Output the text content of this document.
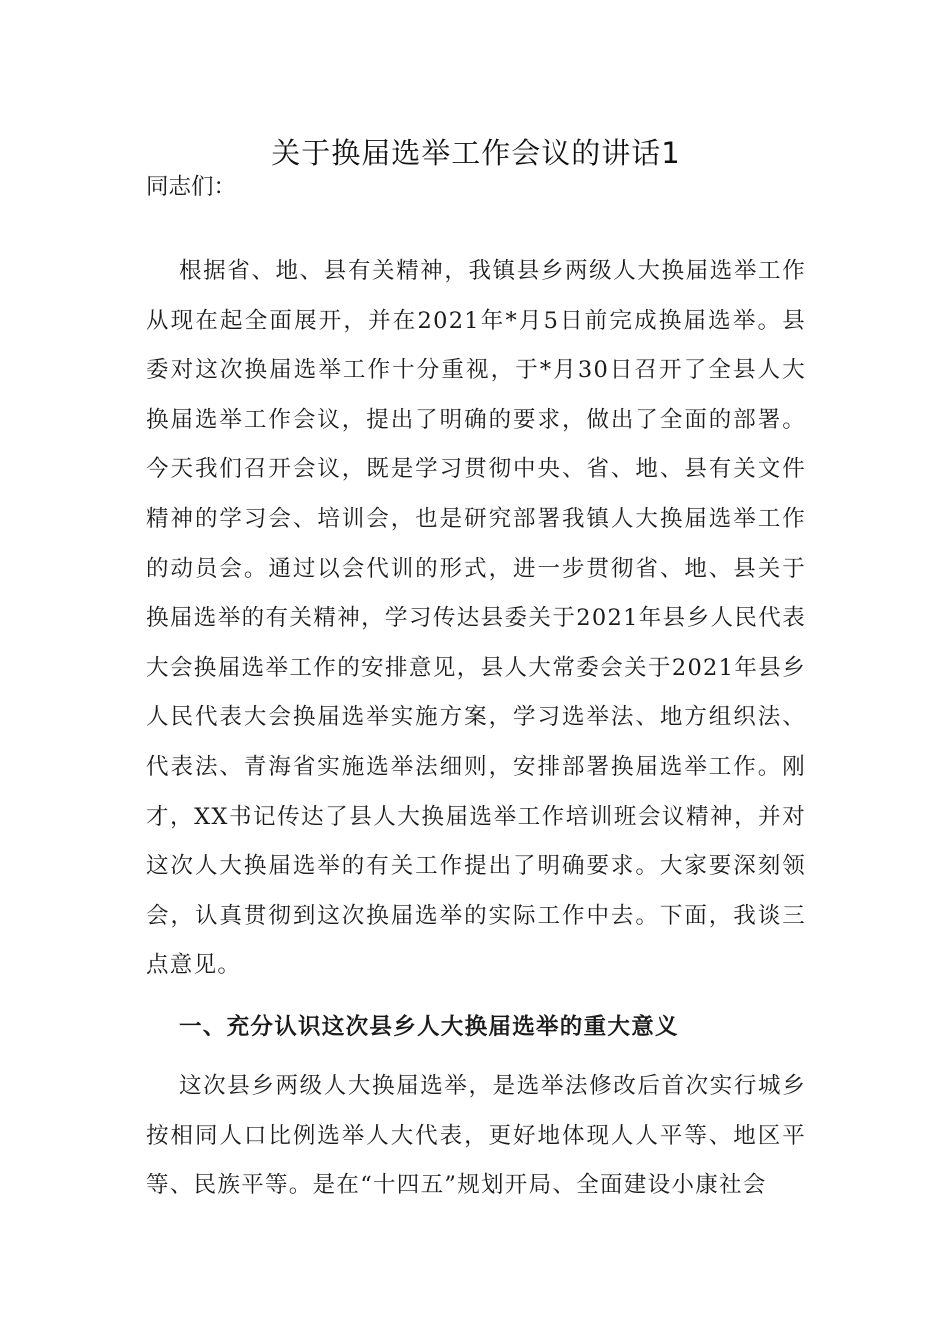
关于换届选举工作会议的讲话1

同志们：

根据省、地、县有关精神，我镇县乡两级人大换届选举工作从现在起全面展开，并在2021年*月5日前完成换届选举。县委对这次换届选举工作十分重视，于*月30日召开了全县人大换届选举工作会议，提出了明确的要求，做出了全面的部署。今天我们召开会议，既是学习贯彻中央、省、地、县有关文件精神的学习会、培训会，也是研究部署我镇人大换届选举工作的动员会。通过以会代训的形式，进一步贯彻省、地、县关于换届选举的有关精神，学习传达县委关于2021年县乡人民代表大会换届选举工作的安排意见，县人大常委会关于2021年县乡人民代表大会换届选举实施方案，学习选举法、地方组织法、代表法、青海省实施选举法细则，安排部署换届选举工作。刚才，XX书记传达了县人大换届选举工作培训班会议精神，并对这次人大换届选举的有关工作提出了明确要求。大家要深刻领会，认真贯彻到这次换届选举的实际工作中去。下面，我谈三点意见。

一、充分认识这次县乡人大换届选举的重大意义

这次县乡两级人大换届选举，是选举法修改后首次实行城乡按相同人口比例选举人大代表，更好地体现人人平等、地区平等、民族平等。是在“十四五”规划开局、全面建设小康社会
